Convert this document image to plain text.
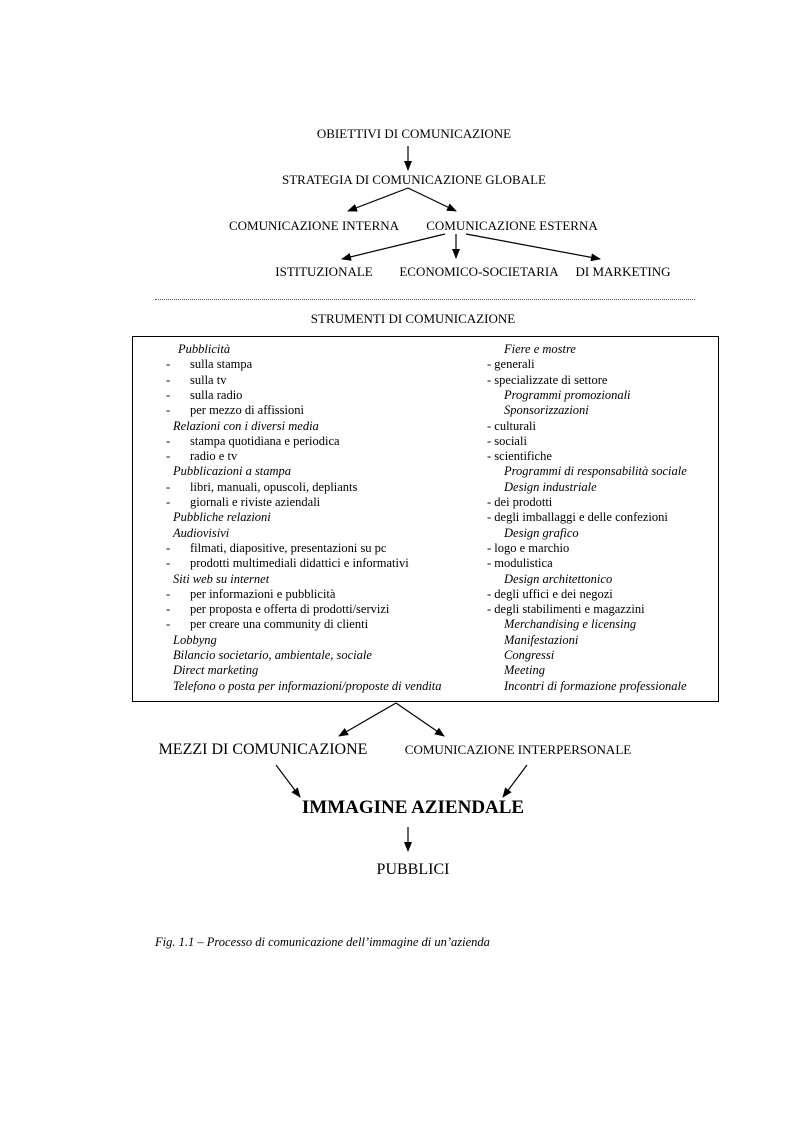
OBIETTIVI DI COMUNICAZIONE
STRATEGIA DI COMUNICAZIONE GLOBALE
COMUNICAZIONE INTERNA COMUNICAZIONE ESTERNA
ISTITUZIONALE ECONOMICO-SOCIETARIA DI MARKETING
STRUMENTI DI COMUNICAZIONE
Pubblicità
- sulla stampa
- sulla tv
- sulla radio
- per mezzo di affissioni
Relazioni con i diversi media
- stampa quotidiana e periodica
- radio e tv
Pubblicazioni a stampa
- libri, manuali, opuscoli, depliants
- giornali e riviste aziendali
Pubbliche relazioni
Audiovisivi
- filmati, diapositive, presentazioni su pc
- prodotti multimediali didattici e informativi
Siti web su internet
- per informazioni e pubblicità
- per proposta e offerta di prodotti/servizi
- per creare una community di clienti
Lobbyng
Bilancio societario, ambientale, sociale
Direct marketing
Telefono o posta per informazioni/proposte di vendita
Fiere e mostre
- generali
- specializzate di settore
Programmi promozionali
Sponsorizzazioni
- culturali
- sociali
- scientifiche
Programmi di responsabilità sociale
Design industriale
- dei prodotti
- degli imballaggi e delle confezioni
Design grafico
- logo e marchio
- modulistica
Design architettonico
- degli uffici e dei negozi
- degli stabilimenti e magazzini
Merchandising e licensing
Manifestazioni
Congressi
Meeting
Incontri di formazione professionale
MEZZI DI COMUNICAZIONE	COMUNICAZIONE INTERPERSONALE
IMMAGINE AZIENDALE
PUBBLICI
Fig. 1.1 – Processo di comunicazione dell’immagine di un’azienda
